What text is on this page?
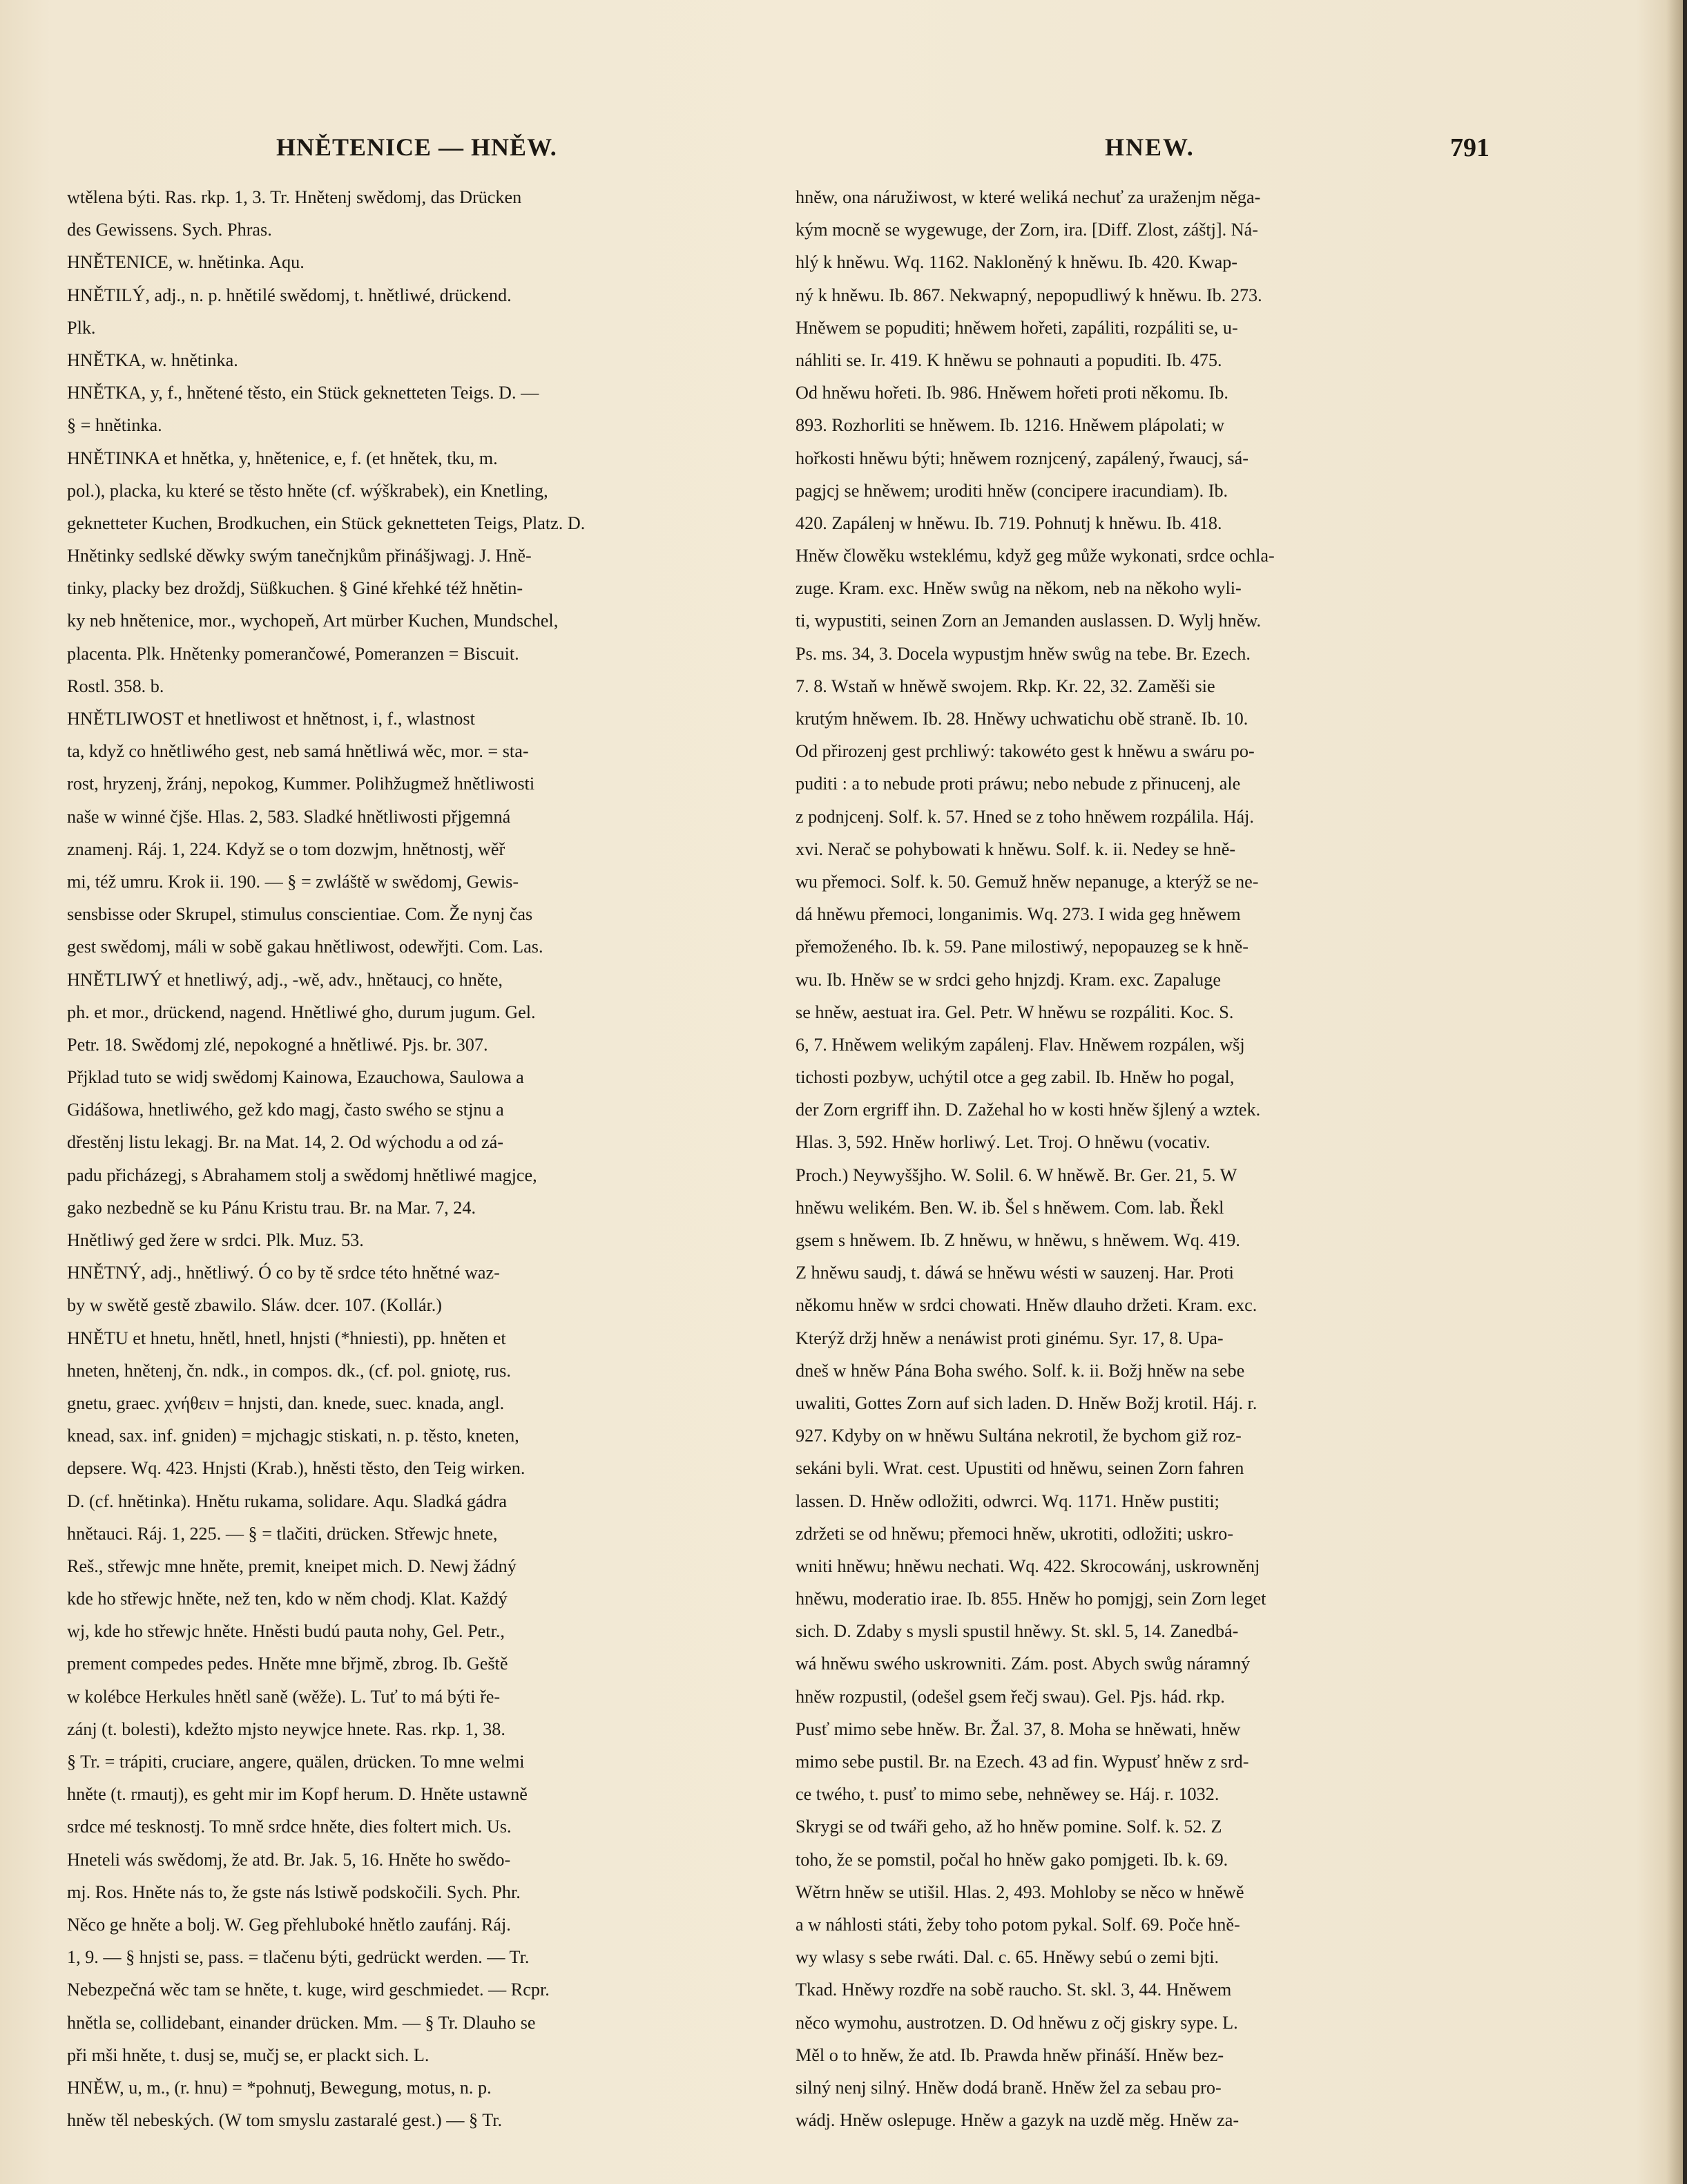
HNĚTENICE — HNĚW.	HNEW.	791
wtělena býti. Ras. rkp. 1, 3. Tr. Hnětenj swědomj, das Drücken
des Gewissens. Sych. Phras.
HNĚTENICE, w. hnětinka. Aqu.
HNĚTILÝ, adj., n. p. hnětilé swědomj, t. hnětliwé, drückend.
Plk.
HNĚTKA, w. hnětinka.
HNĚTKA, y, f., hnětené těsto, ein Stück geknetteten Teigs. D. —
§ = hnětinka.
HNĚTINKA et hnětka, y, hnětenice, e, f. (et hnětek, tku, m.
pol.), placka, ku které se těsto hněte (cf. wýškrabek), ein Knetling,
geknetteter Kuchen, Brodkuchen, ein Stück geknetteten Teigs, Platz. D.
Hnětinky sedlské děwky swým tanečnjkům přinášjwagj. J. Hně-
tinky, placky bez droždj, Süßkuchen. § Giné křehké též hnětin-
ky neb hnětenice, mor., wychopeň, Art mürber Kuchen, Mundschel,
placenta. Plk. Hnětenky pomerančowé, Pomeranzen = Biscuit.
Rostl. 358. b.
HNĚTLIWOST et hnetliwost et hnětnost, i, f., wlastnost
ta, když co hnětliwého gest, neb samá hnětliwá wěc, mor. = sta-
rost, hryzenj, žránj, nepokog, Kummer. Polihžugmež hnětliwosti
naše w winné čjše. Hlas. 2, 583. Sladké hnětliwosti přjgemná
znamenj. Ráj. 1, 224. Když se o tom dozwjm, hnětnostj, wěř
mi, též umru. Krok ii. 190. — § = zwláště w swědomj, Gewis-
sensbisse oder Skrupel, stimulus conscientiae. Com. Že nynj čas
gest swědomj, máli w sobě gakau hnětliwost, odewřjti. Com. Las.
HNĚTLIWÝ et hnetliwý, adj., -wě, adv., hnětaucj, co hněte,
ph. et mor., drückend, nagend. Hnětliwé gho, durum jugum. Gel.
Petr. 18. Swědomj zlé, nepokogné a hnětliwé. Pjs. br. 307.
Přjklad tuto se widj swědomj Kainowa, Ezauchowa, Saulowa a
Gidášowa, hnetliwého, gež kdo magj, často swého se stjnu a
dřestěnj listu lekagj. Br. na Mat. 14, 2. Od wýchodu a od zá-
padu přicházegj, s Abrahamem stolj a swědomj hnětliwé magjce,
gako nezbedně se ku Pánu Kristu trau. Br. na Mar. 7, 24.
Hnětliwý ged žere w srdci. Plk. Muz. 53.
HNĚTNÝ, adj., hnětliwý. Ó co by tě srdce této hnětné waz-
by w swětě gestě zbawilo. Sláw. dcer. 107. (Kollár.)
HNĚTU et hnetu, hnětl, hnetl, hnjsti (*hniesti), pp. hněten et
hneten, hnětenj, čn. ndk., in compos. dk., (cf. pol. gniotę, rus.
gnetu, graec. χνήθειν = hnjsti, dan. knede, suec. knada, angl.
knead, sax. inf. gniden) = mjchagjc stiskati, n. p. těsto, kneten,
depsere. Wq. 423. Hnjsti (Krab.), hněsti těsto, den Teig wirken.
D. (cf. hnětinka). Hnětu rukama, solidare. Aqu. Sladká gádra
hnětauci. Ráj. 1, 225. — § = tlačiti, drücken. Střewjc hnete,
Reš., střewjc mne hněte, premit, kneipet mich. D. Newj žádný
kde ho střewjc hněte, než ten, kdo w něm chodj. Klat. Každý
wj, kde ho střewjc hněte. Hněsti budú pauta nohy, Gel. Petr.,
prement compedes pedes. Hněte mne břjmě, zbrog. Ib. Geště
w kolébce Herkules hnětl saně (wěže). L. Tuť to má býti ře-
zánj (t. bolesti), kdežto mjsto neywjce hnete. Ras. rkp. 1, 38.
§ Tr. = trápiti, cruciare, angere, quälen, drücken. To mne welmi
hněte (t. rmautj), es geht mir im Kopf herum. D. Hněte ustawně
srdce mé tesknostj. To mně srdce hněte, dies foltert mich. Us.
Hneteli wás swědomj, že atd. Br. Jak. 5, 16. Hněte ho swědo-
mj. Ros. Hněte nás to, že gste nás lstiwě podskočili. Sych. Phr.
Něco ge hněte a bolj. W. Geg přehluboké hnětlo zaufánj. Ráj.
1, 9. — § hnjsti se, pass. = tlačenu býti, gedrückt werden. — Tr.
Nebezpečná wěc tam se hněte, t. kuge, wird geschmiedet. — Rcpr.
hnětla se, collidebant, einander drücken. Mm. — § Tr. Dlauho se
při mši hněte, t. dusj se, mučj se, er plackt sich. L.
HNĚW, u, m., (r. hnu) = *pohnutj, Bewegung, motus, n. p.
hněw těl nebeských. (W tom smyslu zastaralé gest.) — § Tr.
hněw, ona náružiwost, w které weliká nechuť za uraženjm něga-
kým mocně se wygewuge, der Zorn, ira. [Diff. Zlost, záštj]. Ná-
hlý k hněwu. Wq. 1162. Nakloněný k hněwu. Ib. 420. Kwap-
ný k hněwu. Ib. 867. Nekwapný, nepopudliwý k hněwu. Ib. 273.
Hněwem se popuditi; hněwem hořeti, zapáliti, rozpáliti se, u-
náhliti se. Ir. 419. K hněwu se pohnauti a popuditi. Ib. 475.
Od hněwu hořeti. Ib. 986. Hněwem hořeti proti někomu. Ib.
893. Rozhorliti se hněwem. Ib. 1216. Hněwem plápolati; w
hořkosti hněwu býti; hněwem roznjcený, zapálený, řwaucj, sá-
pagjcj se hněwem; uroditi hněw (concipere iracundiam). Ib.
420. Zapálenj w hněwu. Ib. 719. Pohnutj k hněwu. Ib. 418.
Hněw člowěku wsteklému, když geg může wykonati, srdce ochla-
zuge. Kram. exc. Hněw swůg na někom, neb na někoho wyli-
ti, wypustiti, seinen Zorn an Jemanden auslassen. D. Wylj hněw.
Ps. ms. 34, 3. Docela wypustjm hněw swůg na tebe. Br. Ezech.
7. 8. Wstaň w hněwě swojem. Rkp. Kr. 22, 32. Zaměši sie
krutým hněwem. Ib. 28. Hněwy uchwatichu obě straně. Ib. 10.
Od přirozenj gest prchliwý: takowéto gest k hněwu a swáru po-
puditi : a to nebude proti práwu; nebo nebude z přinucenj, ale
z podnjcenj. Solf. k. 57. Hned se z toho hněwem rozpálila. Háj.
xvi. Nerač se pohybowati k hněwu. Solf. k. ii. Nedey se hně-
wu přemoci. Solf. k. 50. Gemuž hněw nepanuge, a kterýž se ne-
dá hněwu přemoci, longanimis. Wq. 273. I wida geg hněwem
přemoženého. Ib. k. 59. Pane milostiwý, nepopauzeg se k hně-
wu. Ib. Hněw se w srdci geho hnjzdj. Kram. exc. Zapaluge
se hněw, aestuat ira. Gel. Petr. W hněwu se rozpáliti. Koc. S.
6, 7. Hněwem welikým zapálenj. Flav. Hněwem rozpálen, wšj
tichosti pozbyw, uchýtil otce a geg zabil. Ib. Hněw ho pogal,
der Zorn ergriff ihn. D. Zažehal ho w kosti hněw šjlený a wztek.
Hlas. 3, 592. Hněw horliwý. Let. Troj. O hněwu (vocativ.
Proch.) Neywyššjho. W. Solil. 6. W hněwě. Br. Ger. 21, 5. W
hněwu welikém. Ben. W. ib. Šel s hněwem. Com. lab. Řekl
gsem s hněwem. Ib. Z hněwu, w hněwu, s hněwem. Wq. 419.
Z hněwu saudj, t. dáwá se hněwu wésti w sauzenj. Har. Proti
někomu hněw w srdci chowati. Hněw dlauho držeti. Kram. exc.
Kterýž držj hněw a nenáwist proti ginému. Syr. 17, 8. Upa-
dneš w hněw Pána Boha swého. Solf. k. ii. Božj hněw na sebe
uwaliti, Gottes Zorn auf sich laden. D. Hněw Božj krotil. Háj. r.
927. Kdyby on w hněwu Sultána nekrotil, že bychom giž roz-
sekáni byli. Wrat. cest. Upustiti od hněwu, seinen Zorn fahren
lassen. D. Hněw odložiti, odwrci. Wq. 1171. Hněw pustiti;
zdržeti se od hněwu; přemoci hněw, ukrotiti, odložiti; uskro-
wniti hněwu; hněwu nechati. Wq. 422. Skrocowánj, uskrowněnj
hněwu, moderatio irae. Ib. 855. Hněw ho pomjgj, sein Zorn leget
sich. D. Zdaby s mysli spustil hněwy. St. skl. 5, 14. Zanedbá-
wá hněwu swého uskrowniti. Zám. post. Abych swůg náramný
hněw rozpustil, (odešel gsem řečj swau). Gel. Pjs. hád. rkp.
Pusť mimo sebe hněw. Br. Žal. 37, 8. Moha se hněwati, hněw
mimo sebe pustil. Br. na Ezech. 43 ad fin. Wypusť hněw z srd-
ce twého, t. pusť to mimo sebe, nehněwey se. Háj. r. 1032.
Skrygi se od twáři geho, až ho hněw pomine. Solf. k. 52. Z
toho, že se pomstil, počal ho hněw gako pomjgeti. Ib. k. 69.
Wětrn hněw se utišil. Hlas. 2, 493. Mohloby se něco w hněwě
a w náhlosti státi, žeby toho potom pykal. Solf. 69. Poče hně-
wy wlasy s sebe rwáti. Dal. c. 65. Hněwy sebú o zemi bjti.
Tkad. Hněwy rozdře na sobě raucho. St. skl. 3, 44. Hněwem
něco wymohu, austrotzen. D. Od hněwu z očj giskry sype. L.
Měl o to hněw, že atd. Ib. Prawda hněw přináší. Hněw bez-
silný nenj silný. Hněw dodá braně. Hněw žel za sebau pro-
wádj. Hněw oslepuge. Hněw a gazyk na uzdě měg. Hněw za-
